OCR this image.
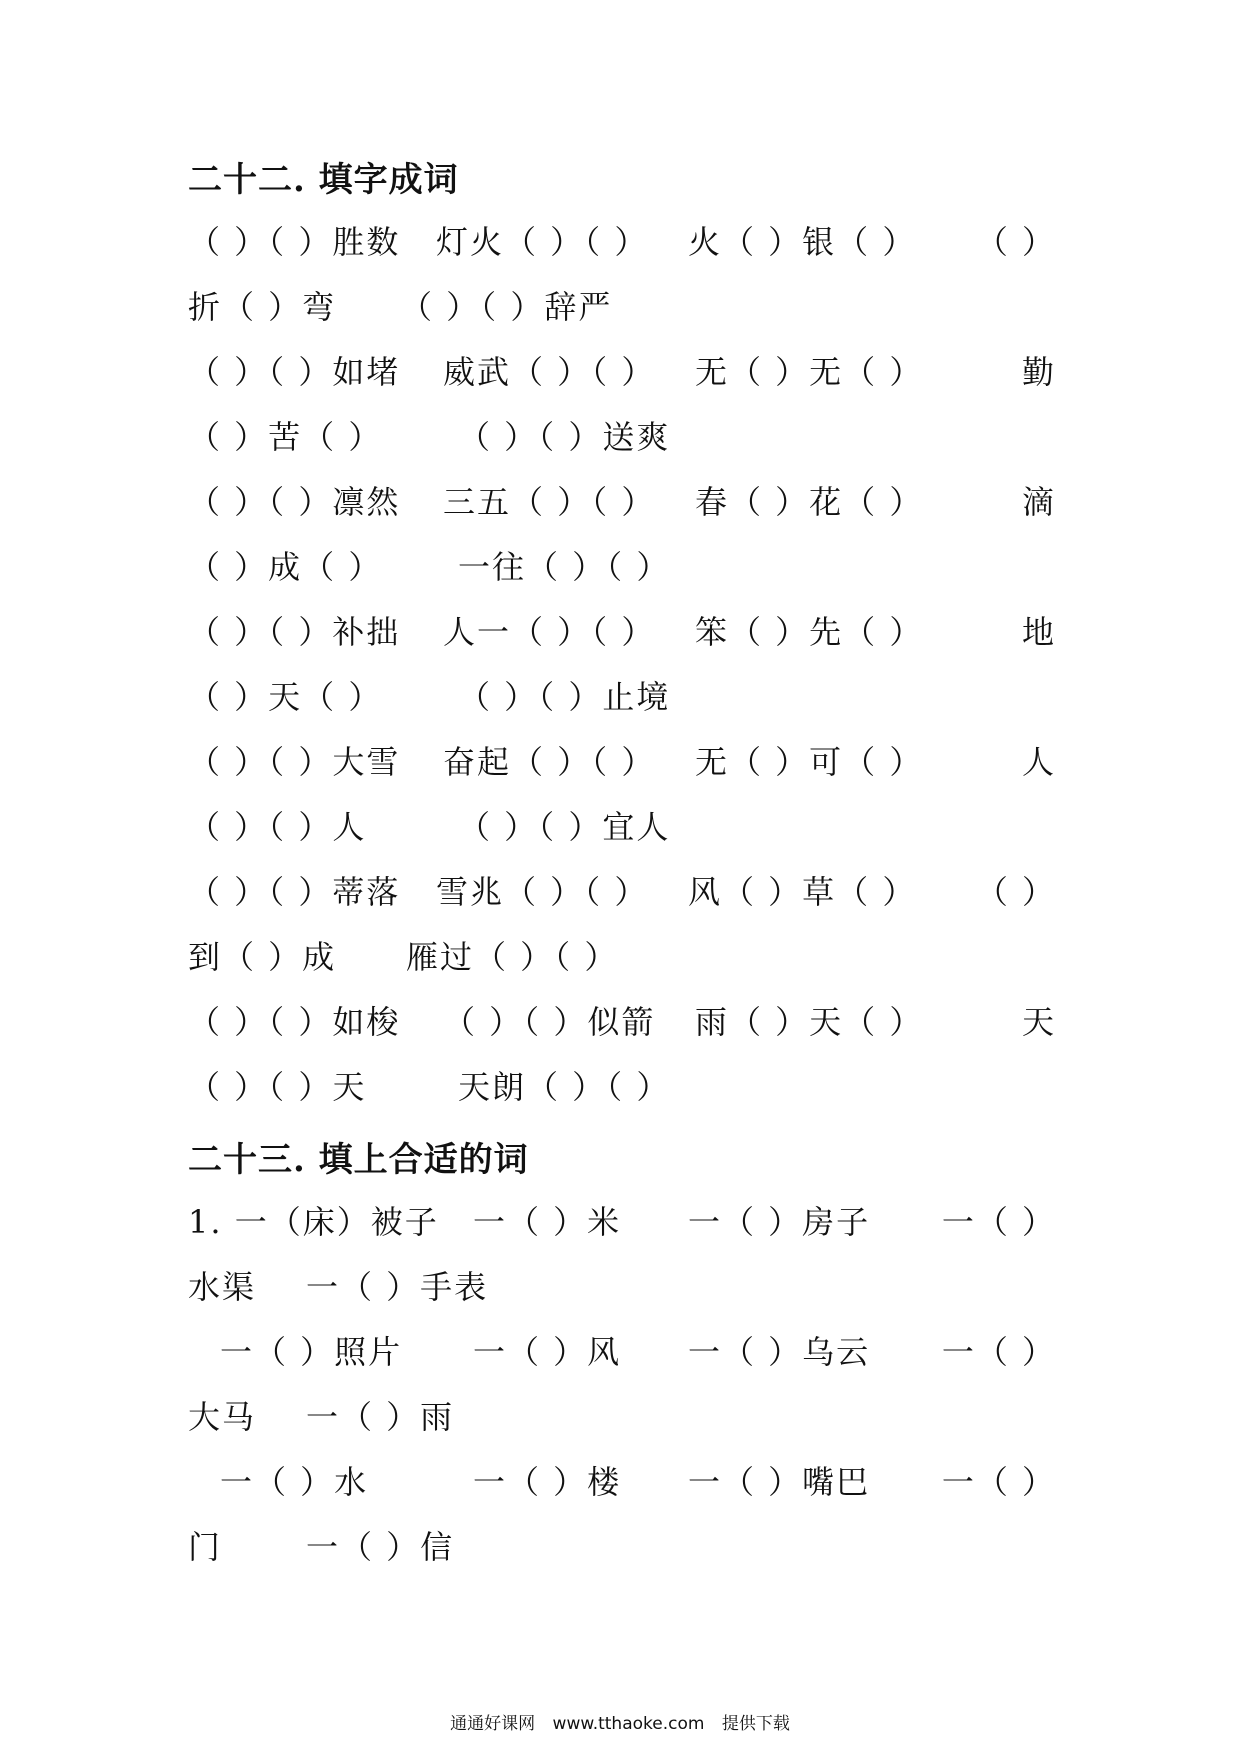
二十二. 填字成词
（ ）（ ）胜数 灯火（ ）（ ） 火（ ）银（ ） （ ）
折（ ）弯 （ ）（ ）辞严
（ ）（ ）如堵 威武（ ）（ ） 无（ ）无（ ）	勤
（ ）苦（ ） （ ）（ ）送爽
（ ）（ ）凛然 三五（ ）（ ） 春（ ）花（ ）	滴
（ ）成（ ） 一往（ ）（ ）
（ ）（ ）补拙 人一（ ）（ ） 笨（ ）先（ ）	地
（ ）天（ ） （ ）（ ）止境
（ ）（ ）大雪 奋起（ ）（ ） 无（ ）可（ ）	人
（ ）（ ）人	（ ）（ ）宜人
（ ）（ ）蒂落 雪兆（ ）（ ） 风（ ）草（ ） （ ）
到（ ）成 雁过（ ）（ ）
（ ）（ ）如梭 （ ）（ ）似箭 雨（ ）天（ ）	天
（ ）（ ）天	天朗（ ）（ ）
二十三. 填上合适的词
1. 一（床）被子 一（ ）米 一（ ）房子 一（ ）
水渠 一（ ）手表
一（ ）照片 一（ ）风 一（ ）乌云 一（ ）
大马 一（ ）雨
一（ ）水	一（ ）楼 一（ ）嘴巴 一（ ）
门	一（ ）信
通通好课网 www.tthaoke.com 提供下载
